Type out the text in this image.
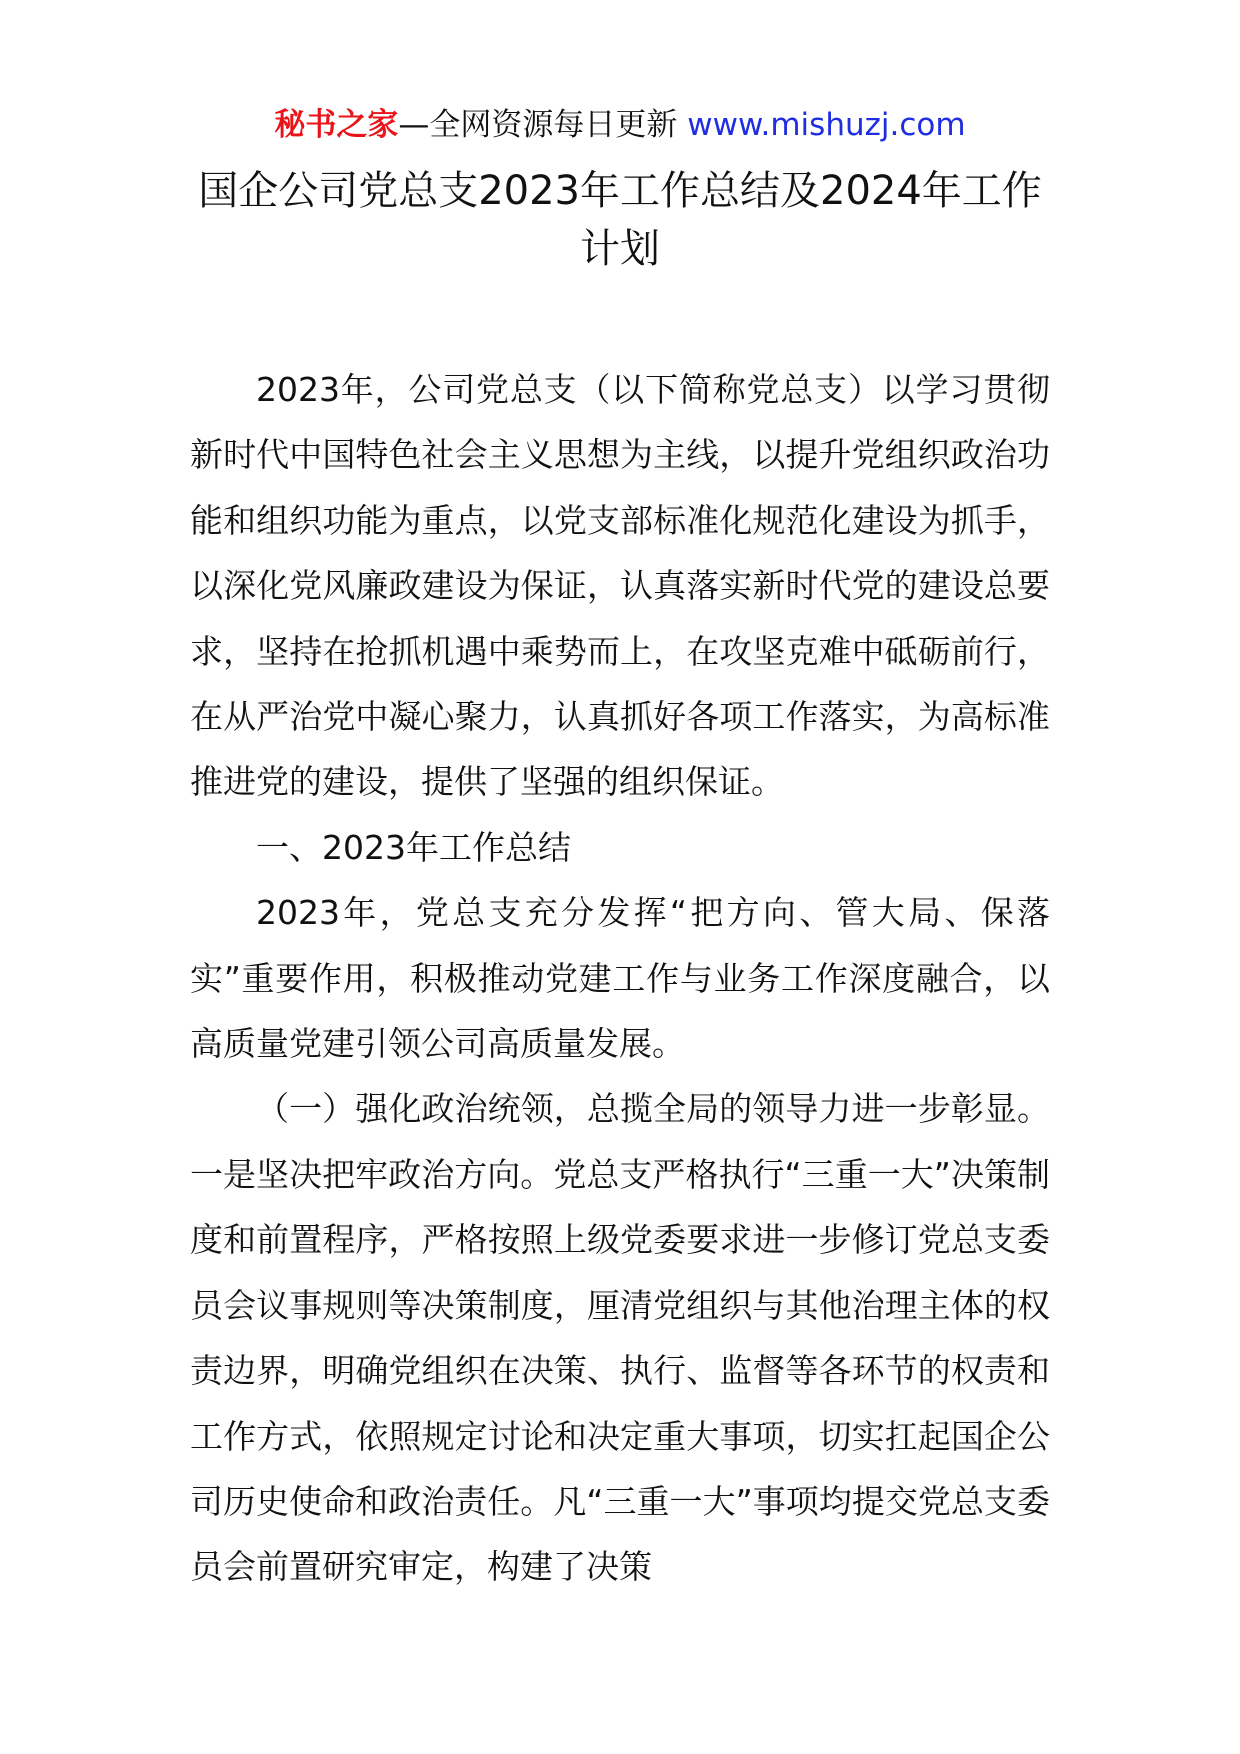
秘书之家—全网资源每日更新 www.mishuzj.com
国企公司党总支2023年工作总结及2024年工作计划

2023年，公司党总支（以下简称党总支）以学习贯彻新时代中国特色社会主义思想为主线，以提升党组织政治功能和组织功能为重点，以党支部标准化规范化建设为抓手，以深化党风廉政建设为保证，认真落实新时代党的建设总要求，坚持在抢抓机遇中乘势而上，在攻坚克难中砥砺前行，在从严治党中凝心聚力，认真抓好各项工作落实，为高标准推进党的建设，提供了坚强的组织保证。

一、2023年工作总结

2023年，党总支充分发挥“把方向、管大局、保落实”重要作用，积极推动党建工作与业务工作深度融合，以高质量党建引领公司高质量发展。

（一）强化政治统领，总揽全局的领导力进一步彰显。一是坚决把牢政治方向。党总支严格执行“三重一大”决策制度和前置程序，严格按照上级党委要求进一步修订党总支委员会议事规则等决策制度，厘清党组织与其他治理主体的权责边界，明确党组织在决策、执行、监督等各环节的权责和工作方式，依照规定讨论和决定重大事项，切实扛起国企公司历史使命和政治责任。凡“三重一大”事项均提交党总支委员会前置研究审定，构建了决策
